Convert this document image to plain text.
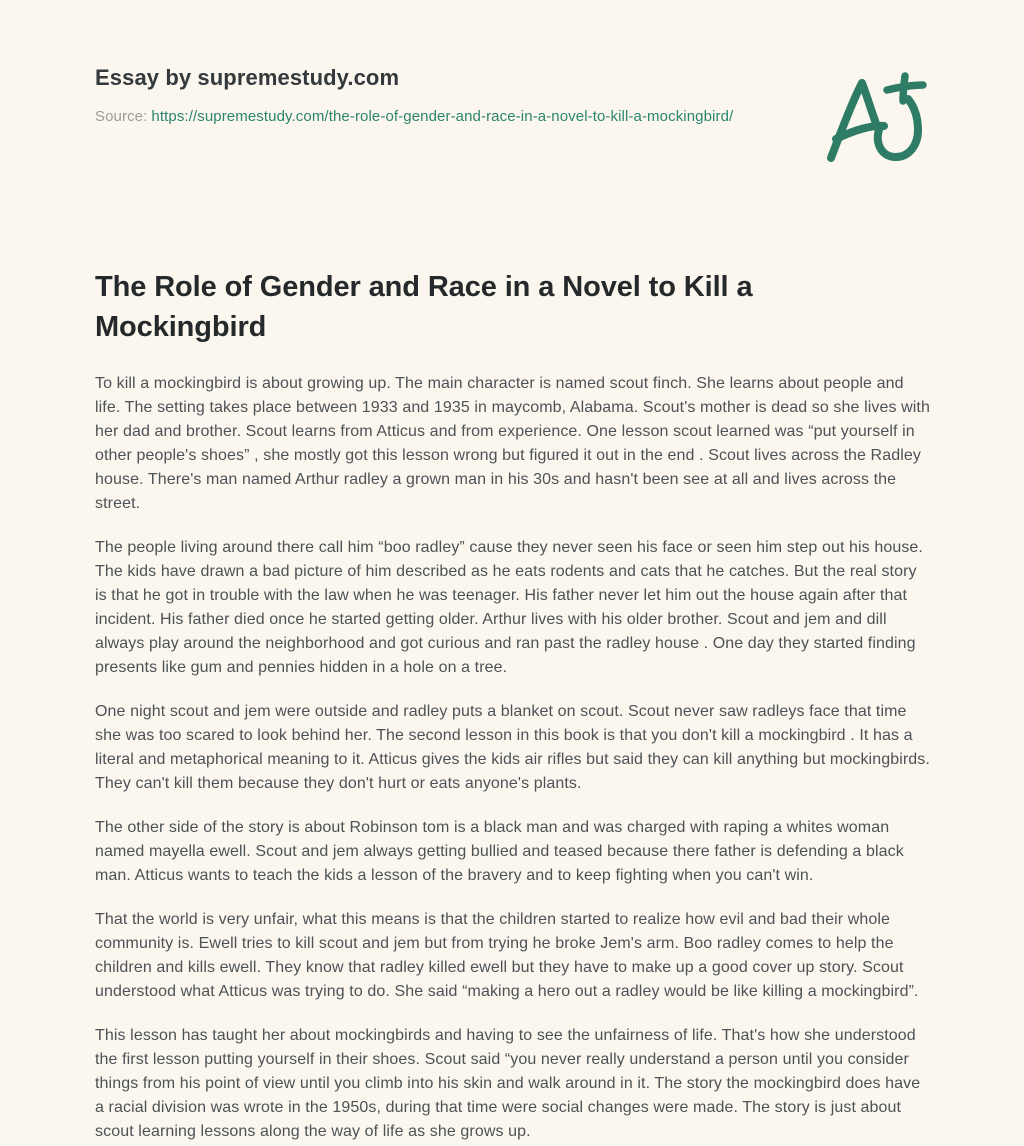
Essay by supremestudy.com

Source: https://supremestudy.com/the-role-of-gender-and-race-in-a-novel-to-kill-a-mockingbird/

The Role of Gender and Race in a Novel to Kill a Mockingbird

To kill a mockingbird is about growing up. The main character is named scout finch. She learns about people and life. The setting takes place between 1933 and 1935 in maycomb, Alabama. Scout's mother is dead so she lives with her dad and brother. Scout learns from Atticus and from experience. One lesson scout learned was “put yourself in other people's shoes” , she mostly got this lesson wrong but figured it out in the end . Scout lives across the Radley house. There's man named Arthur radley a grown man in his 30s and hasn't been see at all and lives across the street.

The people living around there call him “boo radley” cause they never seen his face or seen him step out his house. The kids have drawn a bad picture of him described as he eats rodents and cats that he catches. But the real story is that he got in trouble with the law when he was teenager. His father never let him out the house again after that incident. His father died once he started getting older. Arthur lives with his older brother. Scout and jem and dill always play around the neighborhood and got curious and ran past the radley house . One day they started finding presents like gum and pennies hidden in a hole on a tree.

One night scout and jem were outside and radley puts a blanket on scout. Scout never saw radleys face that time she was too scared to look behind her. The second lesson in this book is that you don't kill a mockingbird . It has a literal and metaphorical meaning to it. Atticus gives the kids air rifles but said they can kill anything but mockingbirds. They can't kill them because they don't hurt or eats anyone's plants.

The other side of the story is about Robinson tom is a black man and was charged with raping a whites woman named mayella ewell. Scout and jem always getting bullied and teased because there father is defending a black man. Atticus wants to teach the kids a lesson of the bravery and to keep fighting when you can't win.

That the world is very unfair, what this means is that the children started to realize how evil and bad their whole community is. Ewell tries to kill scout and jem but from trying he broke Jem's arm. Boo radley comes to help the children and kills ewell. They know that radley killed ewell but they have to make up a good cover up story. Scout understood what Atticus was trying to do. She said “making a hero out a radley would be like killing a mockingbird”.

This lesson has taught her about mockingbirds and having to see the unfairness of life. That's how she understood the first lesson putting yourself in their shoes. Scout said “you never really understand a person until you consider things from his point of view until you climb into his skin and walk around in it. The story the mockingbird does have a racial division was wrote in the 1950s, during that time were social changes were made. The story is just about scout learning lessons along the way of life as she grows up.
